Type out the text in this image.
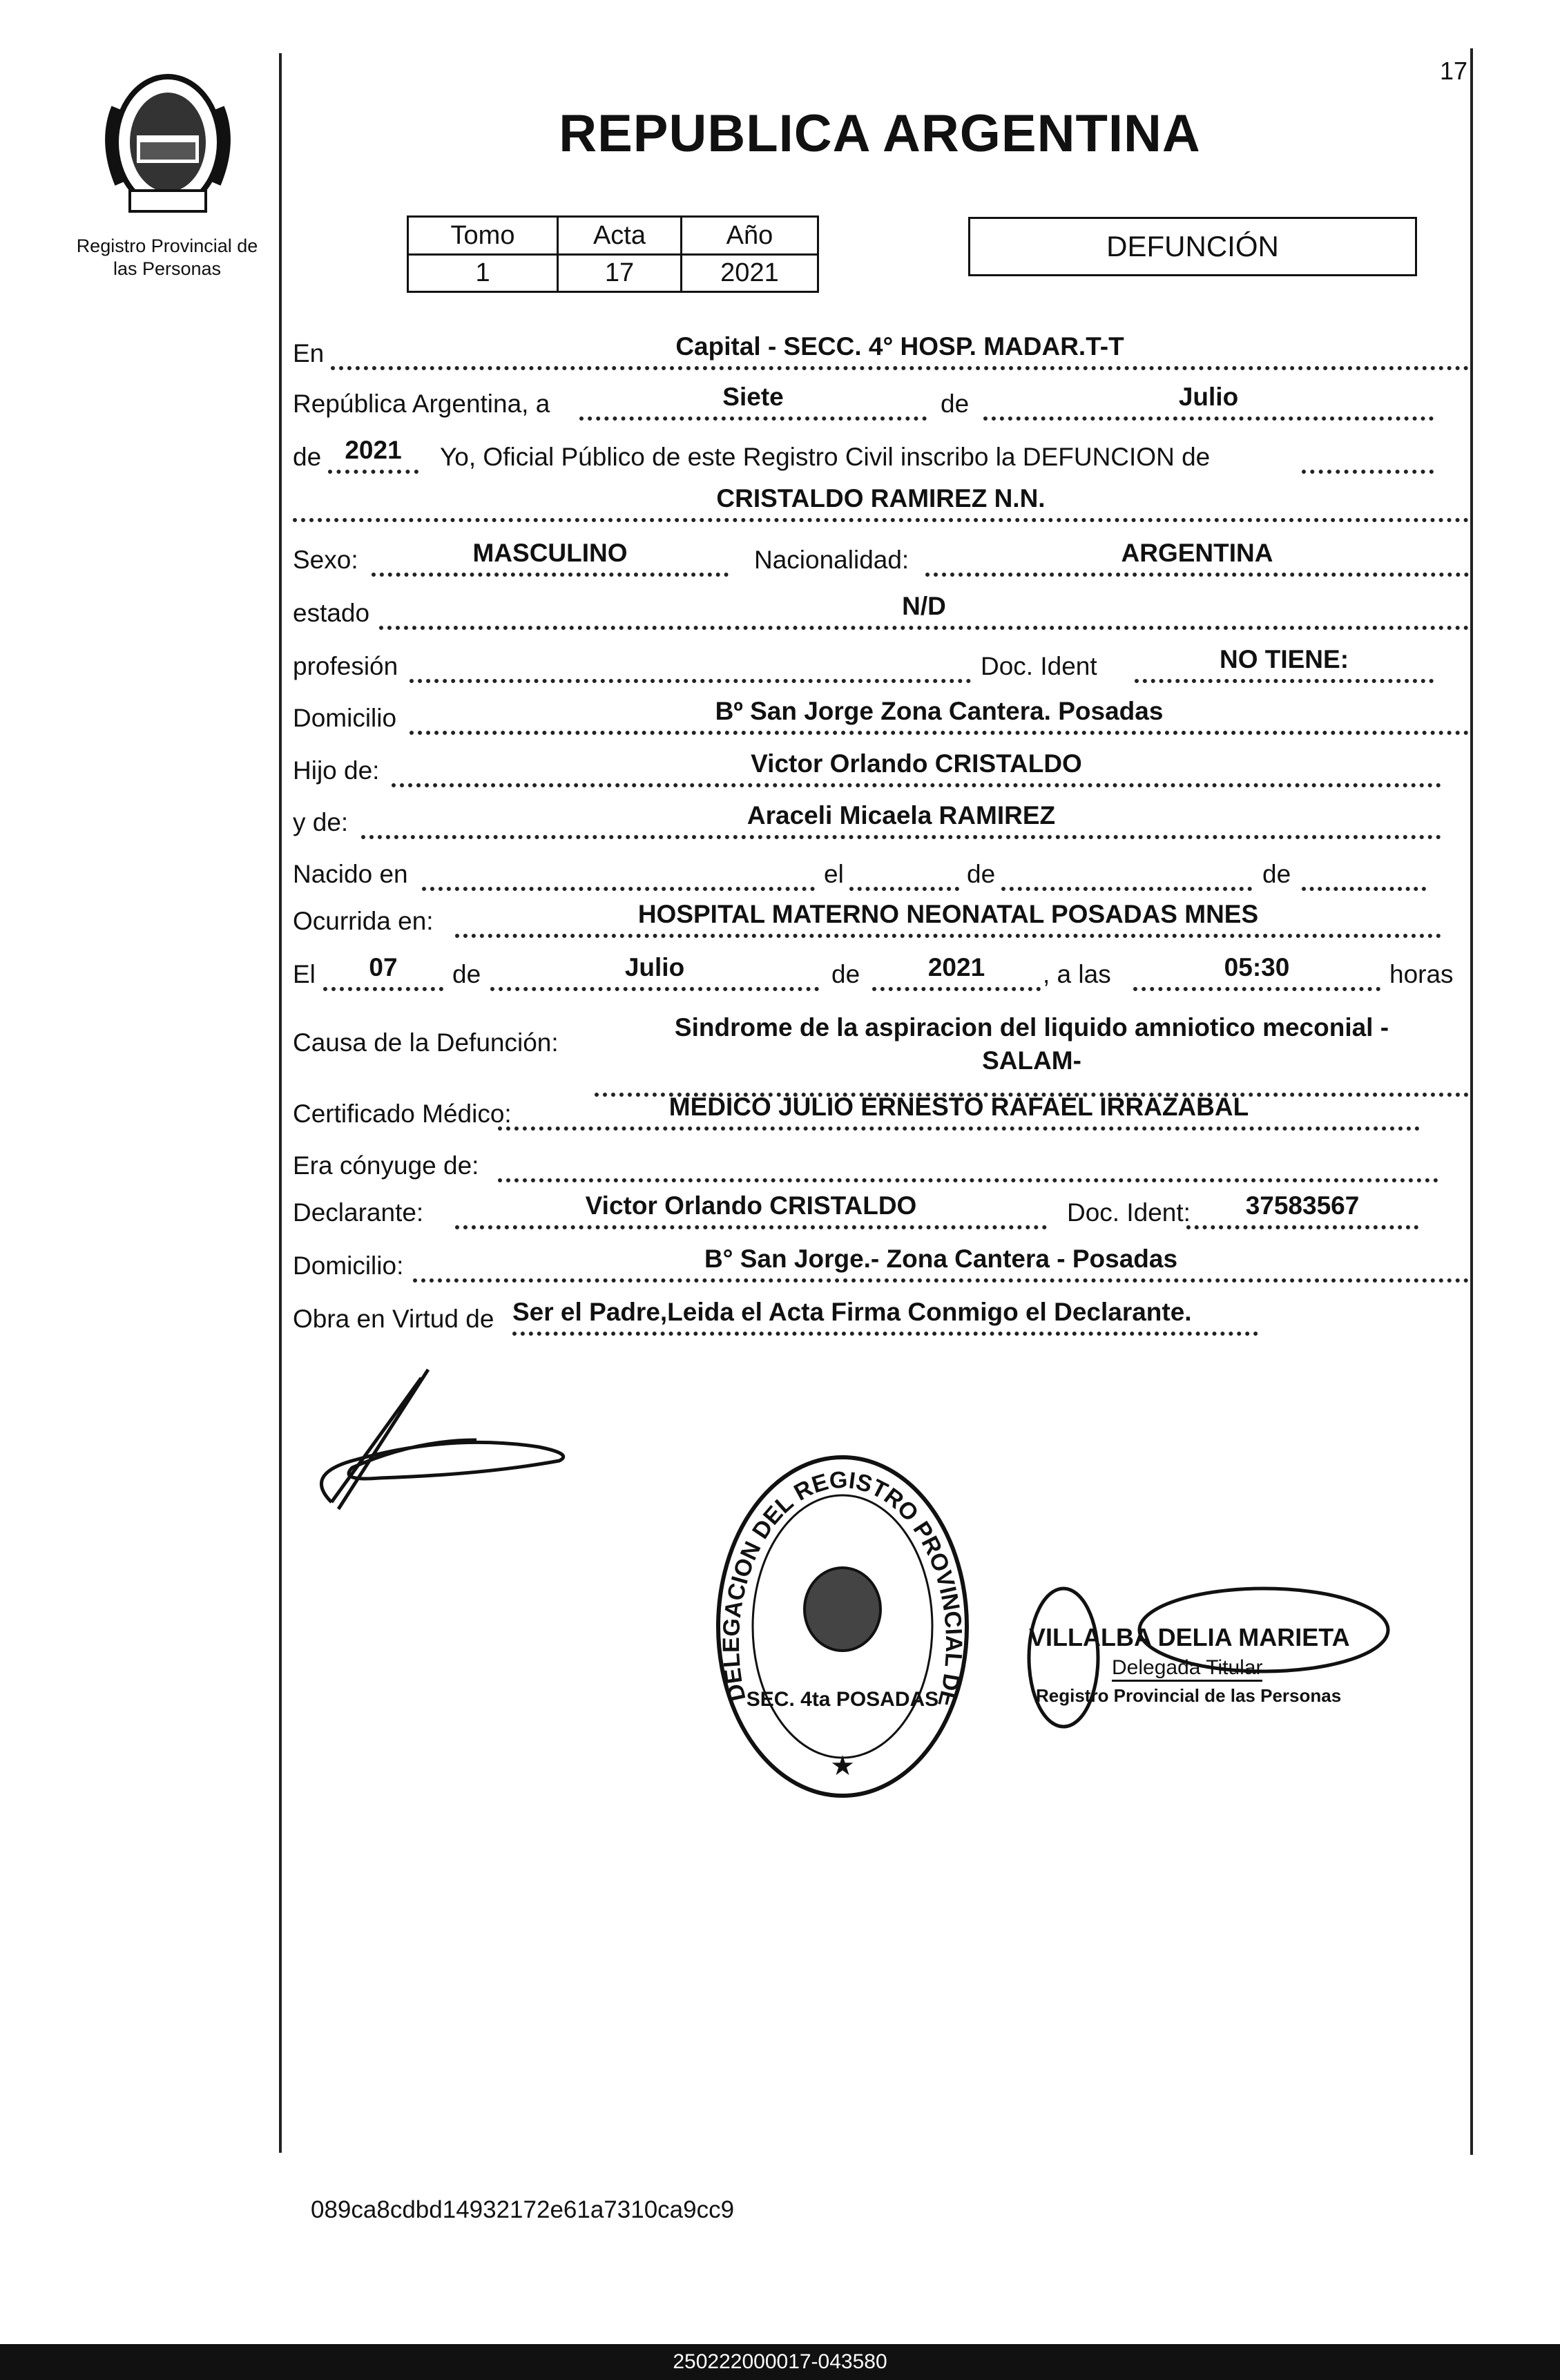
17
Registro Provincial de
las Personas
REPUBLICA ARGENTINA
Tomo	Acta	Año
1	17	2021
DEFUNCIÓN
En	Capital - SECC. 4° HOSP. MADAR.T-T
República Argentina, a	Siete	de	Julio
de 2021	Yo, Oficial Público de este Registro Civil inscribo la DEFUNCION de
CRISTALDO RAMIREZ N.N.
Sexo:	MASCULINO	Nacionalidad:	ARGENTINA
estado	N/D
profesión	Doc. Ident	NO TIENE:
Domicilio	Bº San Jorge Zona Cantera. Posadas
Hijo de:	Victor Orlando CRISTALDO
y de:	Araceli Micaela RAMIREZ
Nacido en	el	de	de
Ocurrida en:	HOSPITAL MATERNO NEONATAL POSADAS MNES
El	07	de	Julio	de	2021	, a las	05:30	horas
Causa de la Defunción:
Sindrome de la aspiracion del liquido amniotico meconial -
SALAM-
Certificado Médico:	MEDICO JULIO ERNESTO RAFAEL IRRAZABAL
Era cónyuge de:
Declarante:	Victor Orlando CRISTALDO	Doc. Ident:	37583567
Domicilio:	B° San Jorge.- Zona Cantera - Posadas
Obra en Virtud de Ser el Padre,Leida el Acta Firma Conmigo el Declarante.
DELEGACION DEL REGISTRO PROVINCIAL DE
SEC. 4ta POSADAS
★
VILLALBA DELIA MARIETA
Delegada Titular
Registro Provincial de las Personas
089ca8cdbd14932172e61a7310ca9cc9
250222000017-043580
